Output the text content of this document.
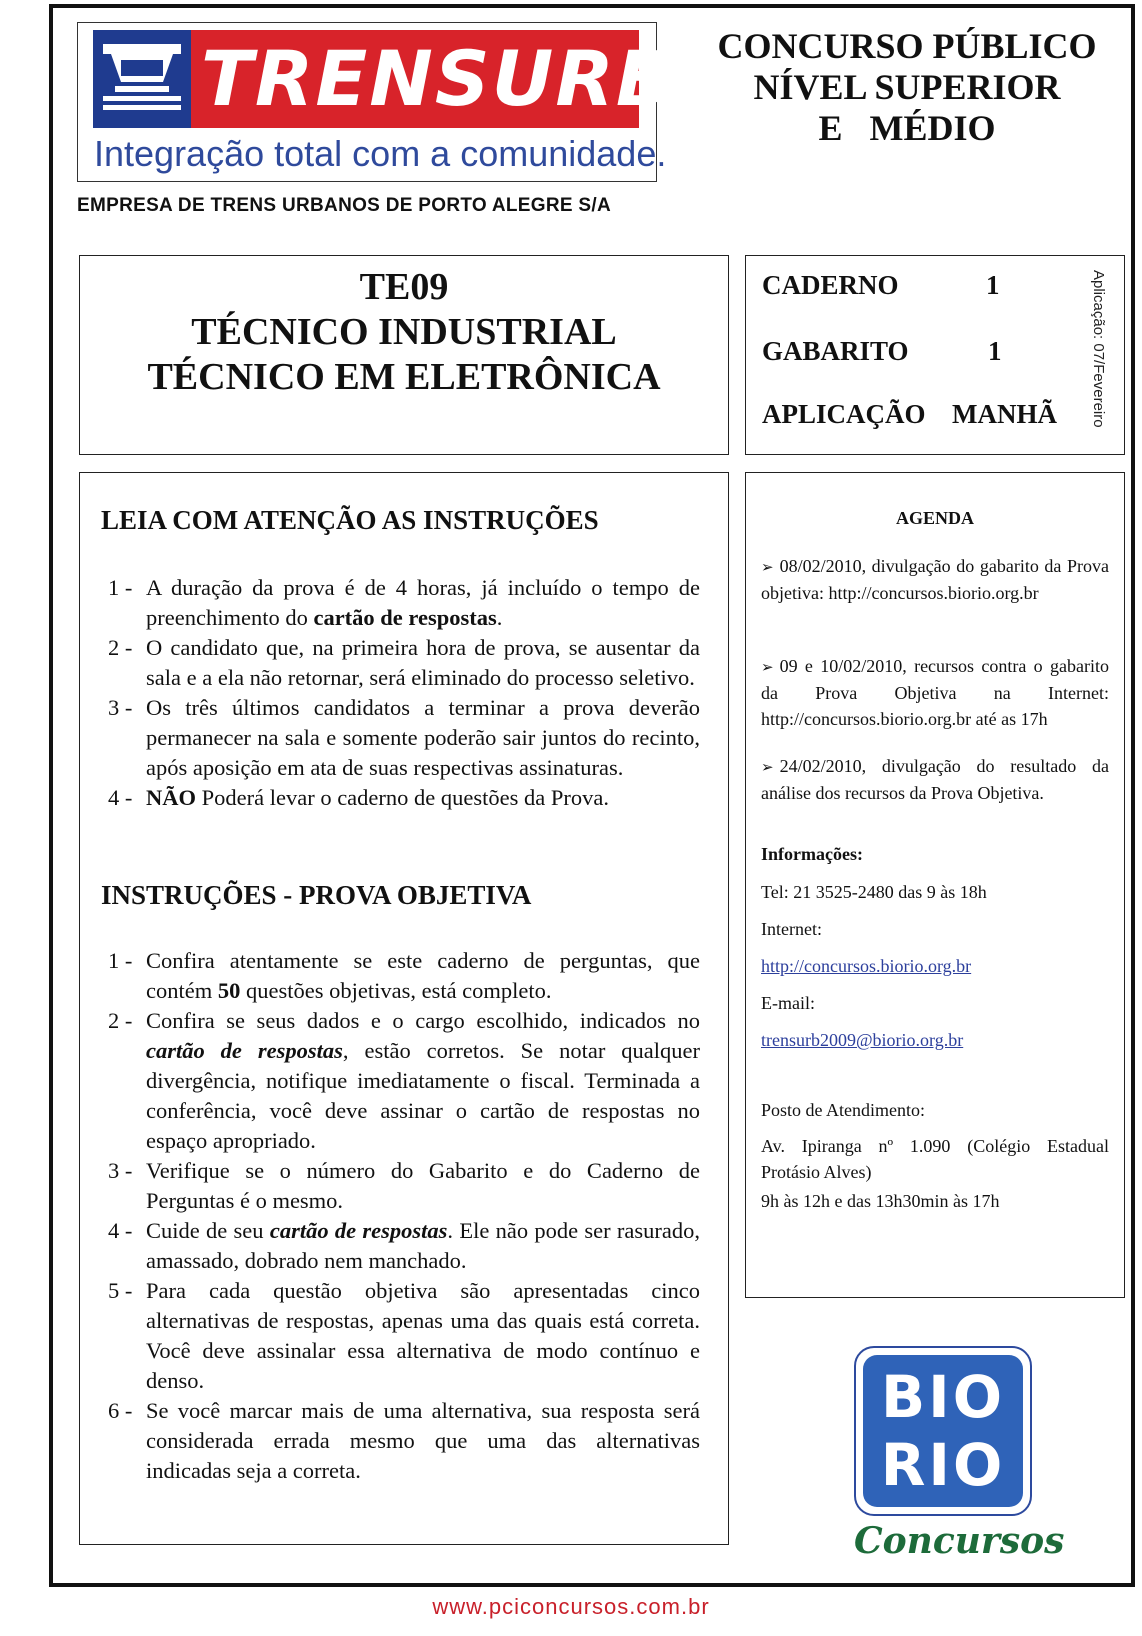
TRENSURB
Integração total com a comunidade.
CONCURSO PÚBLICO
NÍVEL SUPERIOR
E   MÉDIO
EMPRESA DE TRENS URBANOS DE PORTO ALEGRE S/A
TE09
TÉCNICO INDUSTRIAL
TÉCNICO EM ELETRÔNICA
CADERNO	1
GABARITO	1
APLICAÇÃO MANHÃ Aplicação: 07/Fevereiro
LEIA COM ATENÇÃO AS INSTRUÇÕES
1 - A duração da prova é de 4 horas, já incluído o tempo de preenchimento do cartão de respostas.
2 - O candidato que, na primeira hora de prova, se ausentar da sala e a ela não retornar, será eliminado do processo seletivo.
3 - Os três últimos candidatos a terminar a prova deverão permanecer na sala e somente poderão sair juntos do recinto, após aposição em ata de suas respectivas assinaturas.
4 - NÃO Poderá levar o caderno de questões da Prova.
INSTRUÇÕES - PROVA OBJETIVA
1 - Confira atentamente se este caderno de perguntas, que contém 50 questões objetivas, está completo.
2 - Confira se seus dados e o cargo escolhido, indicados no cartão de respostas, estão corretos. Se notar qualquer divergência, notifique imediatamente o fiscal. Terminada a conferência, você deve assinar o cartão de respostas no espaço apropriado.
3 - Verifique se o número do Gabarito e do Caderno de Perguntas é o mesmo.
4 - Cuide de seu cartão de respostas. Ele não pode ser rasurado, amassado, dobrado nem manchado.
5 - Para cada questão objetiva são apresentadas cinco alternativas de respostas, apenas uma das quais está correta. Você deve assinalar essa alternativa de modo contínuo e denso.
6 - Se você marcar mais de uma alternativa, sua resposta será considerada errada mesmo que uma das alternativas indicadas seja a correta.
AGENDA
➢ 08/02/2010, divulgação do gabarito da Prova objetiva: http://concursos.biorio.org.br
➢ 09 e 10/02/2010, recursos contra o gabarito da Prova Objetiva na Internet: http://concursos.biorio.org.br até as 17h
➢ 24/02/2010, divulgação do resultado da análise dos recursos da Prova Objetiva.
Informações:
Tel: 21 3525-2480 das 9 às 18h
Internet:
http://concursos.biorio.org.br
E-mail:
trensurb2009@biorio.org.br
Posto de Atendimento:
Av. Ipiranga nº 1.090 (Colégio Estadual Protásio Alves)
9h às 12h e das 13h30min às 17h
BIO
RIO
Concursos
www.pciconcursos.com.br
